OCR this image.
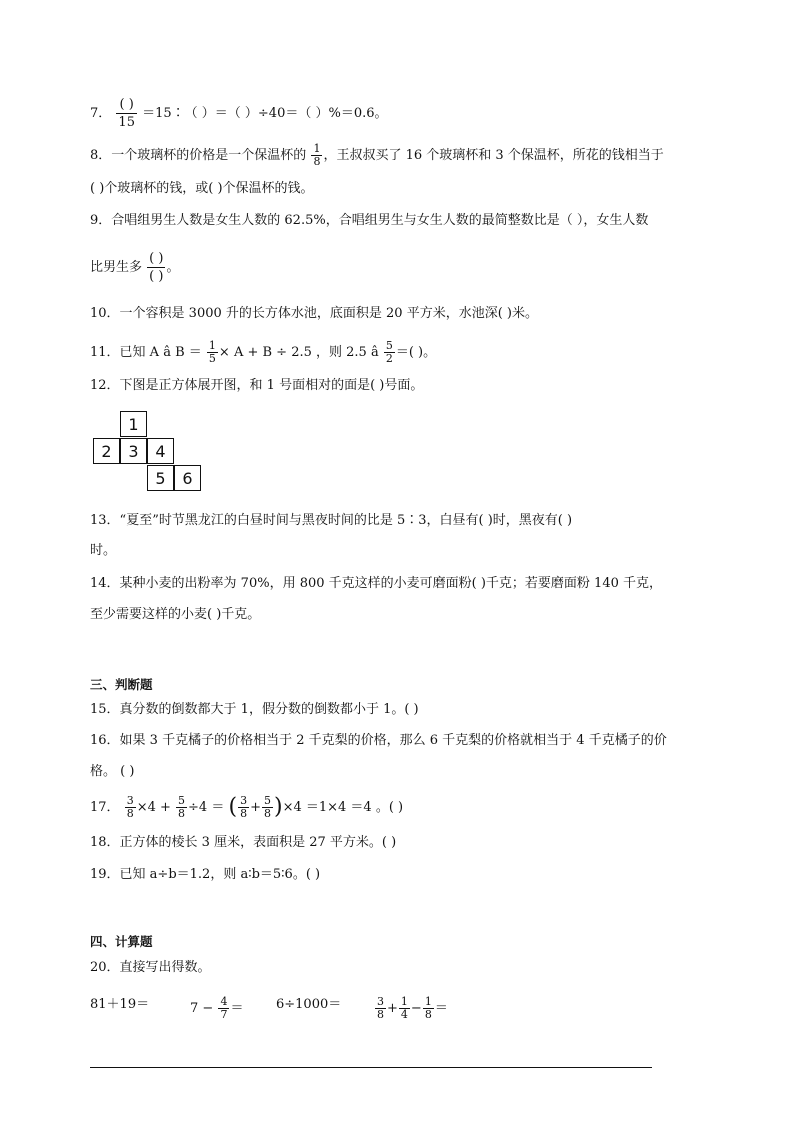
7． $\frac{( )}{15}$ ＝15∶（ ）＝（ ）÷40＝（ ）%＝0.6。
8．一个玻璃杯的价格是一个保温杯的 $\frac{1}{8}$ ，王叔叔买了 16 个玻璃杯和 3 个保温杯，所花的钱相当于
( )个玻璃杯的钱，或( )个保温杯的钱。
9．合唱组男生人数是女生人数的 62.5%，合唱组男生与女生人数的最简整数比是（ ），女生人数
比男生多 $\frac{( )}{( )}$ 。
10．一个容积是 3000 升的长方体水池，底面积是 20 平方米，水池深( )米。
11．已知 A â $B = \frac{1}{5} \times A + B \div 2.5$ ，则 2.5 â $\frac{5}{2}$ ＝( )。
12．下图是正方体展开图，和 1 号面相对的面是( )号面。
1
2	3	4
5	6
13．“夏至”时节黑龙江的白昼时间与黑夜时间的比是 5∶3，白昼有( )时，黑夜有( )
时。
14．某种小麦的出粉率为 70%，用 800 千克这样的小麦可磨面粉( )千克；若要磨面粉 140 千克，
至少需要这样的小麦( )千克。
三、判断题
15．真分数的倒数都大于 1，假分数的倒数都小于 1。( )
16．如果 3 千克橘子的价格相当于 2 千克梨的价格，那么 6 千克梨的价格就相当于 4 千克橘子的价
格。 ( )
17． $\frac{3}{8} \times 4 + \frac{5}{8} \div 4$ ＝ ( $\frac{3}{8} + \frac{5}{8} )\times 4 =1\times 4 =4$ 。( )
18．正方体的棱长 3 厘米，表面积是 27 平方米。( )
19．已知 a÷b＝1.2，则 a∶b＝5∶6。( )
四、计算题
20．直接写出得数。
81＋19＝	$7 - \frac{4}{7}$ ＝	6÷1000＝	$\frac{3}{8} + \frac{1}{4} - \frac{1}{8}$ ＝
